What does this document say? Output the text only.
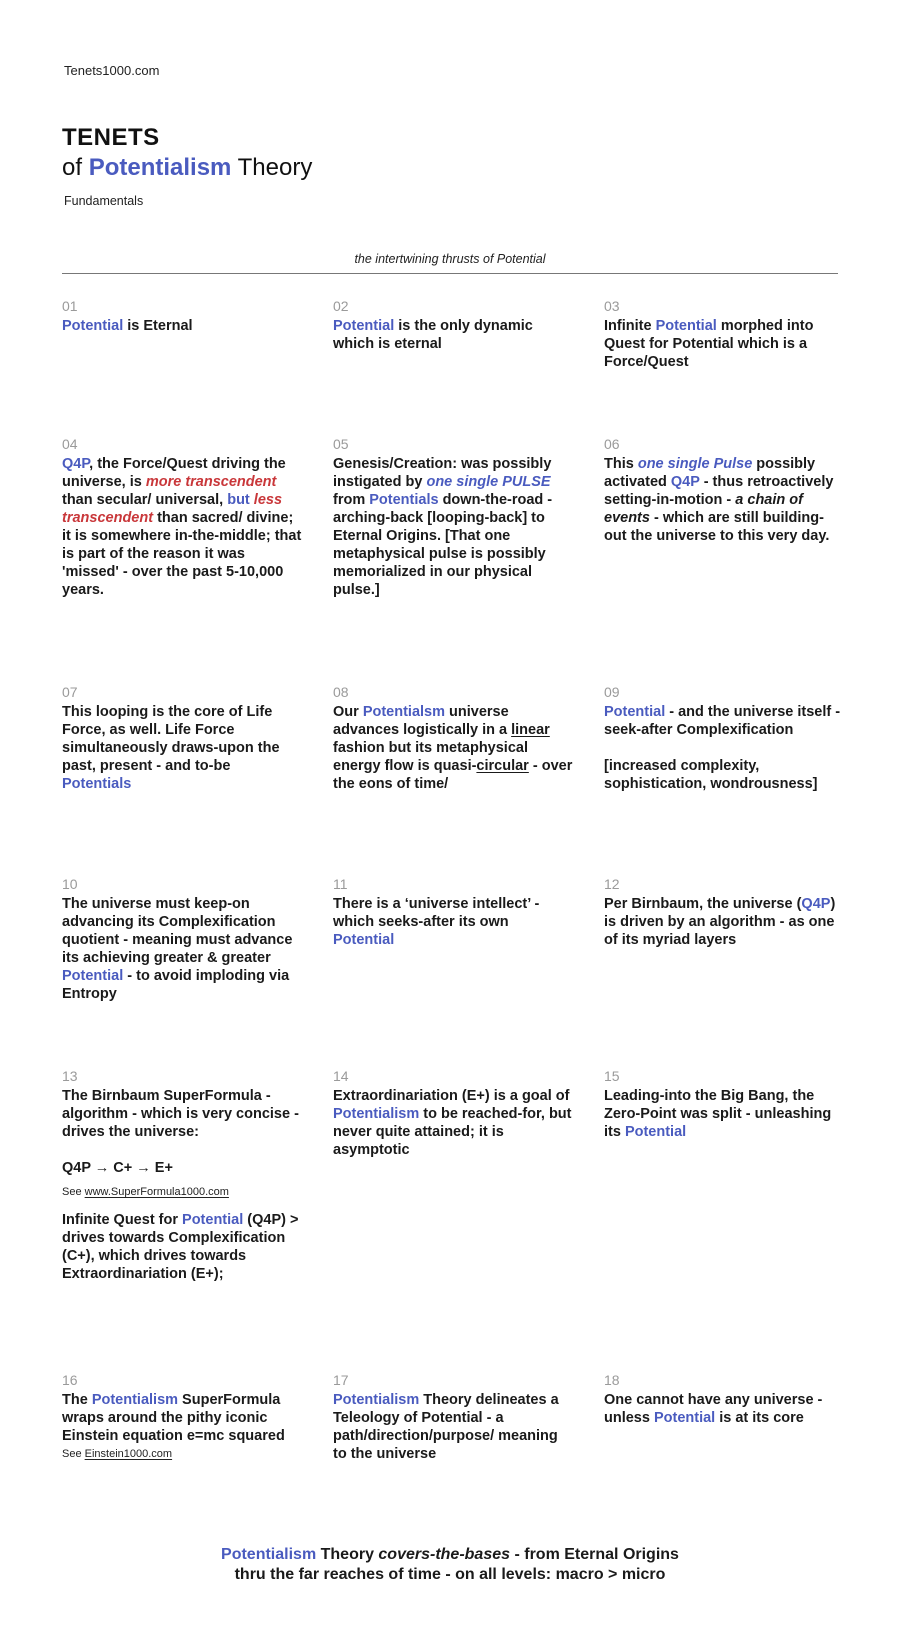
Tenets1000.com
TENETS
of Potentialism Theory
Fundamentals
the intertwining thrusts of Potential
01
Potential is Eternal
02
Potential is the only dynamic which is eternal
03
Infinite Potential morphed into Quest for Potential which is a Force/Quest
04
Q4P, the Force/Quest driving the universe, is more transcendent than secular/ universal, but less transcendent than sacred/ divine; it is somewhere in-the-middle; that is part of the reason it was 'missed' - over the past 5-10,000 years.
05
Genesis/Creation: was possibly instigated by one single PULSE from Potentials down-the-road - arching-back [looping-back] to Eternal Origins. [That one metaphysical pulse is possibly memorialized in our physical pulse.]
06
This one single Pulse possibly activated Q4P - thus retroactively setting-in-motion - a chain of events - which are still building-out the universe to this very day.
07
This looping is the core of Life Force, as well. Life Force simultaneously draws-upon the past, present - and to-be Potentials
08
Our Potentialsm universe advances logistically in a linear fashion but its metaphysical energy flow is quasi-circular - over the eons of time/
09
Potential - and the universe itself - seek-after Complexification
[increased complexity, sophistication, wondrousness]
10
The universe must keep-on advancing its Complexification quotient - meaning must advance its achieving greater & greater Potential - to avoid imploding via Entropy
11
There is a ‘universe intellect’ - which seeks-after its own Potential
12
Per Birnbaum, the universe (Q4P) is driven by an algorithm - as one of its myriad layers
13
The Birnbaum SuperFormula - algorithm - which is very concise - drives the universe:
Q4P → C+ → E+
See www.SuperFormula1000.com
Infinite Quest for Potential (Q4P) > drives towards Complexification (C+), which drives towards Extraordinariation (E+);
14
Extraordinariation (E+) is a goal of Potentialism to be reached-for, but never quite attained; it is asymptotic
15
Leading-into the Big Bang, the Zero-Point was split - unleashing its Potential
16
The Potentialism SuperFormula wraps around the pithy iconic Einstein equation e=mc squared
See Einstein1000.com
17
Potentialism Theory delineates a Teleology of Potential - a path/direction/purpose/ meaning to the universe
18
One cannot have any universe - unless Potential is at its core
Potentialism Theory covers-the-bases - from Eternal Origins
thru the far reaches of time - on all levels: macro > micro
